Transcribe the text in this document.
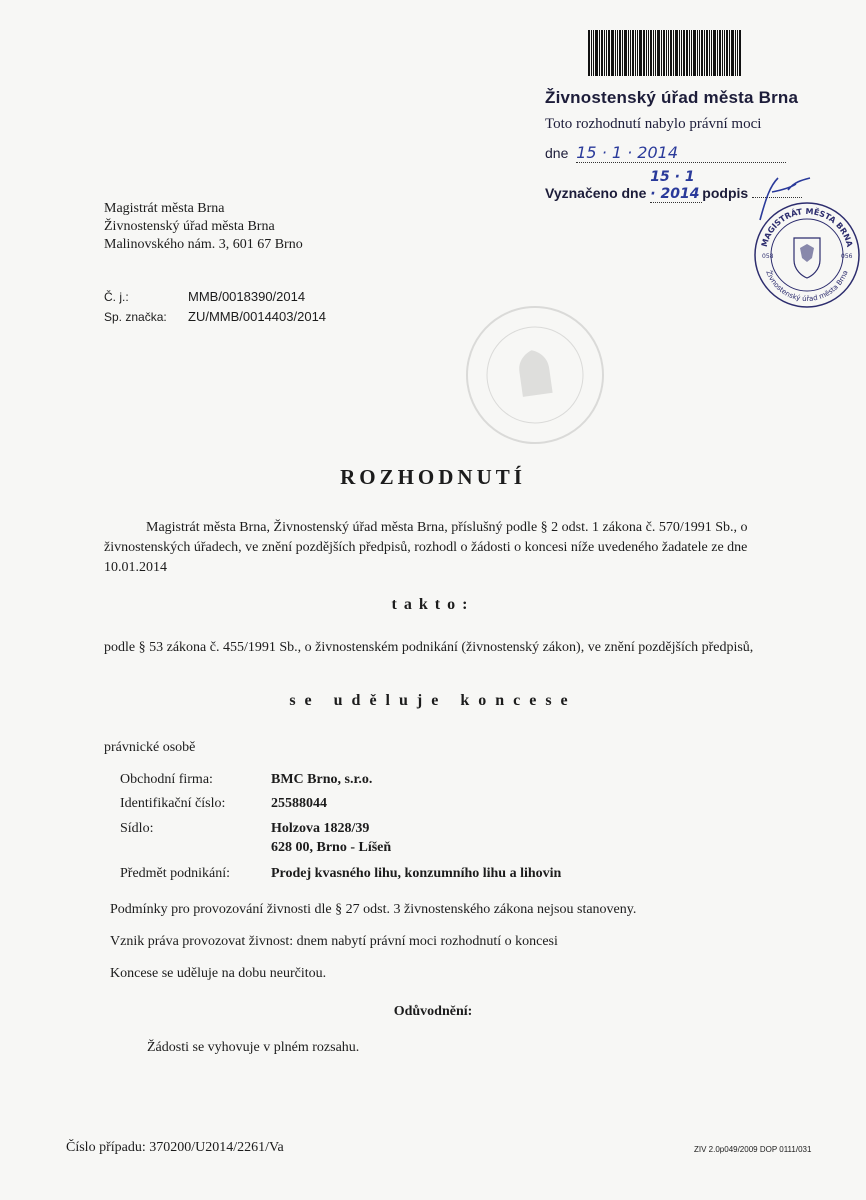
Živnostenský úřad města Brna
Toto rozhodnutí nabylo právní moci
dne 15 · 1 · 2014
Vyznačeno dne 15 · 1 · 2014 podpis
MAGISTRÁT MĚSTA BRNA
Živnostenský úřad města Brna
058	056
Magistrát města Brna
Živnostenský úřad města Brna
Malinovského nám. 3, 601 67 Brno
Č. j.:	MMB/0018390/2014
Sp. značka: ZU/MMB/0014403/2014
ROZHODNUTÍ
Magistrát města Brna, Živnostenský úřad města Brna, příslušný podle § 2 odst. 1 zákona č. 570/1991 Sb., o živnostenských úřadech, ve znění pozdějších předpisů, rozhodl o žádosti o koncesi níže uvedeného žadatele ze dne 10.01.2014
takto:
podle § 53 zákona č. 455/1991 Sb., o živnostenském podnikání (živnostenský zákon), ve znění pozdějších předpisů,
se uděluje koncese
právnické osobě
Obchodní firma:	BMC Brno, s.r.o.
Identifikační číslo:	25588044
Sídlo:	Holzova 1828/39
628 00, Brno - Líšeň
Předmět podnikání:	Prodej kvasného lihu, konzumního lihu a lihovin
Podmínky pro provozování živnosti dle § 27 odst. 3 živnostenského zákona nejsou stanoveny.
Vznik práva provozovat živnost: dnem nabytí právní moci rozhodnutí o koncesi
Koncese se uděluje na dobu neurčitou.
Odůvodnění:
Žádosti se vyhovuje v plném rozsahu.
Číslo případu: 370200/U2014/2261/Va	ZIV 2.0p049/2009 DOP 0111/031
